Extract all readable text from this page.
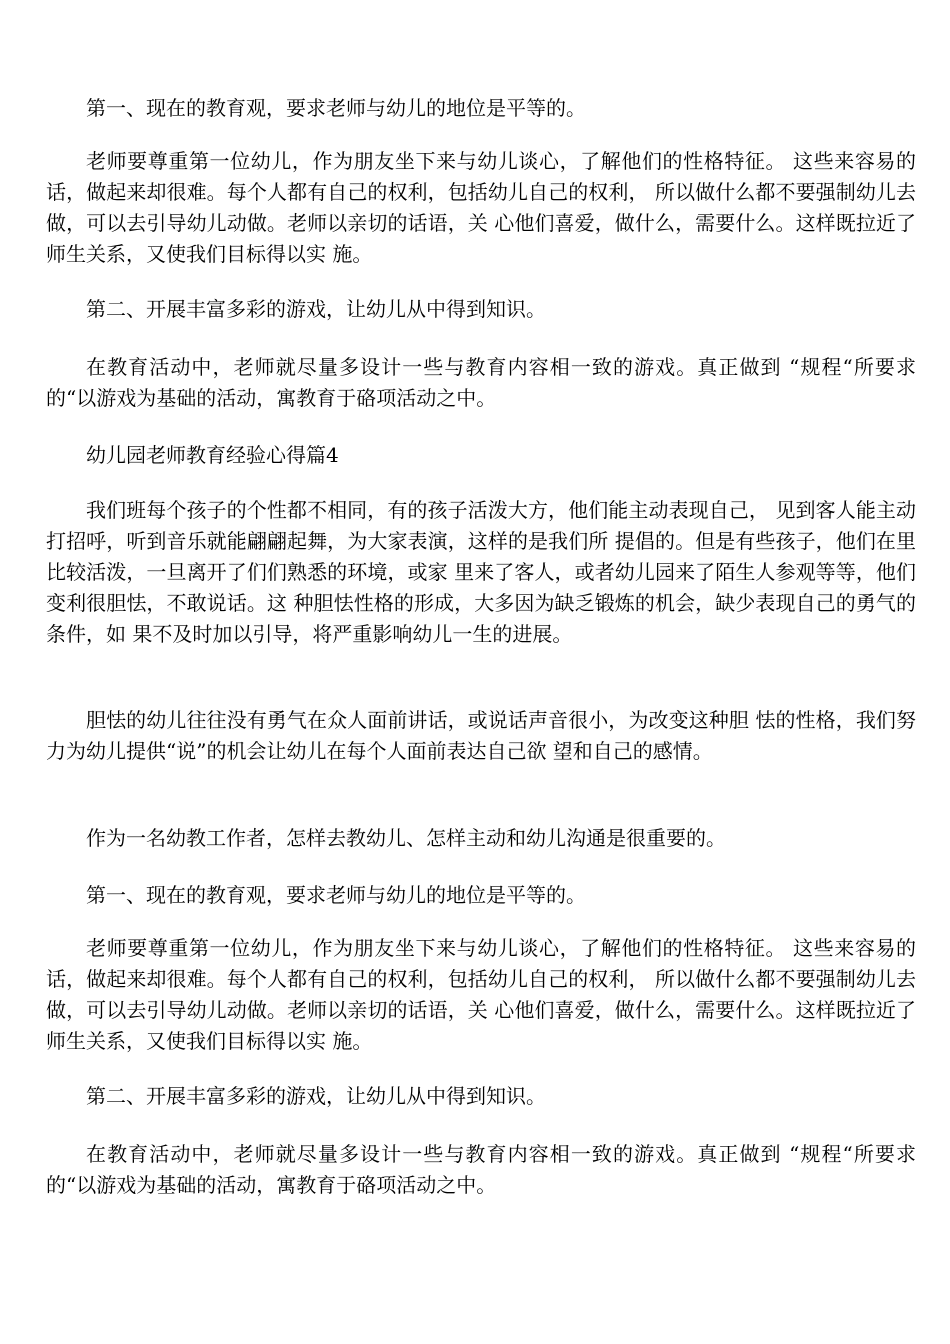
第一、现在的教育观，要求老师与幼儿的地位是平等的。

老师要尊重第一位幼儿，作为朋友坐下来与幼儿谈心，了解他们的性格特征。 这些来容易的话，做起来却很难。每个人都有自己的权利，包括幼儿自己的权利， 所以做什么都不要强制幼儿去做，可以去引导幼儿动做。老师以亲切的话语，关 心他们喜爱，做什么，需要什么。这样既拉近了师生关系，又使我们目标得以实 施。

第二、开展丰富多彩的游戏，让幼儿从中得到知识。

在教育活动中，老师就尽量多设计一些与教育内容相一致的游戏。真正做到 “规程“所要求的“以游戏为基础的活动，寓教育于硌项活动之中。

幼儿园老师教育经验心得篇4

我们班每个孩子的个性都不相同，有的孩子活泼大方，他们能主动表现自己， 见到客人能主动打招呼，听到音乐就能翩翩起舞，为大家表演，这样的是我们所 提倡的。但是有些孩子，他们在里比较活泼，一旦离开了们们熟悉的环境，或家 里来了客人，或者幼儿园来了陌生人参观等等，他们变利很胆怯，不敢说话。这 种胆怯性格的形成，大多因为缺乏锻炼的机会，缺少表现自己的勇气的条件，如 果不及时加以引导，将严重影响幼儿一生的进展。

胆怯的幼儿往往没有勇气在众人面前讲话，或说话声音很小，为改变这种胆 怯的性格，我们努力为幼儿提供“说”的机会让幼儿在每个人面前表达自己欲 望和自己的感情。

作为一名幼教工作者，怎样去教幼儿、怎样主动和幼儿沟通是很重要的。

第一、现在的教育观，要求老师与幼儿的地位是平等的。

老师要尊重第一位幼儿，作为朋友坐下来与幼儿谈心，了解他们的性格特征。 这些来容易的话，做起来却很难。每个人都有自己的权利，包括幼儿自己的权利， 所以做什么都不要强制幼儿去做，可以去引导幼儿动做。老师以亲切的话语，关 心他们喜爱，做什么，需要什么。这样既拉近了师生关系，又使我们目标得以实 施。

第二、开展丰富多彩的游戏，让幼儿从中得到知识。

在教育活动中，老师就尽量多设计一些与教育内容相一致的游戏。真正做到 “规程“所要求的“以游戏为基础的活动，寓教育于硌项活动之中。
